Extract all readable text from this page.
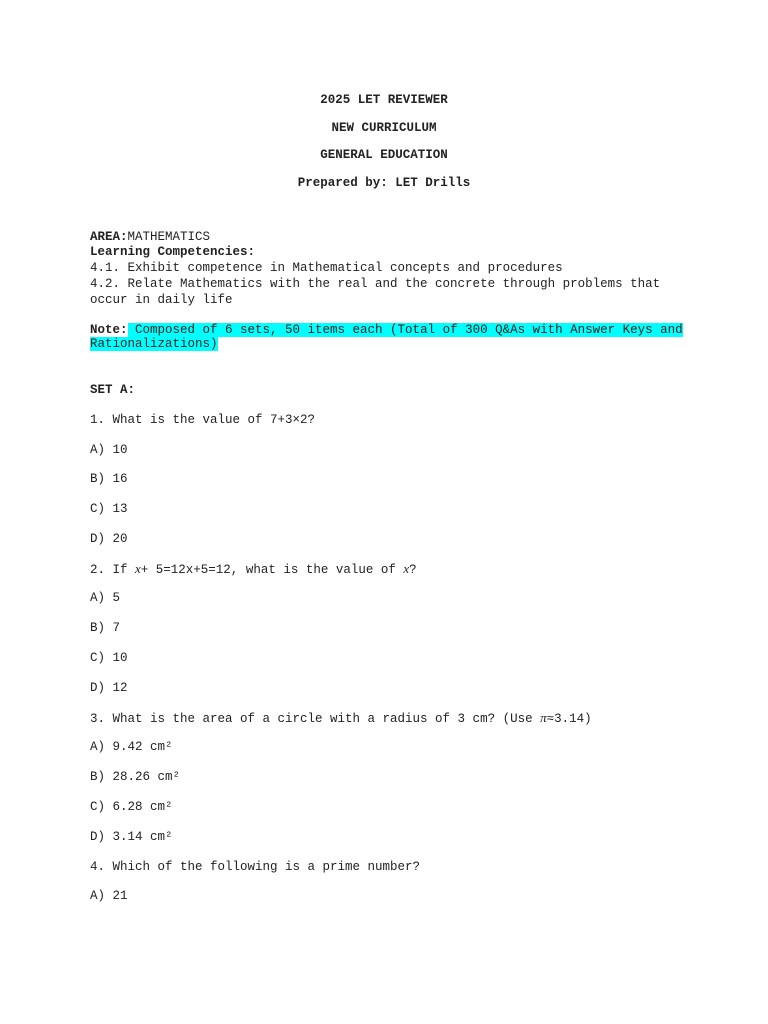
2025 LET REVIEWER
NEW CURRICULUM
GENERAL EDUCATION
Prepared by: LET Drills
AREA:MATHEMATICS
Learning Competencies:
4.1. Exhibit competence in Mathematical concepts and procedures
4.2. Relate Mathematics with the real and the concrete through problems that
occur in daily life
Note: Composed of 6 sets, 50 items each (Total of 300 Q&As with Answer Keys and
Rationalizations)
SET A:
1. What is the value of 7+3×2?
A) 10
B) 16
C) 13
D) 20
2. If x+ 5=12x+5=12, what is the value of x?
A) 5
B) 7
C) 10
D) 12
3. What is the area of a circle with a radius of 3 cm? (Use π≈3.14)
A) 9.42 cm²
B) 28.26 cm²
C) 6.28 cm²
D) 3.14 cm²
4. Which of the following is a prime number?
A) 21
